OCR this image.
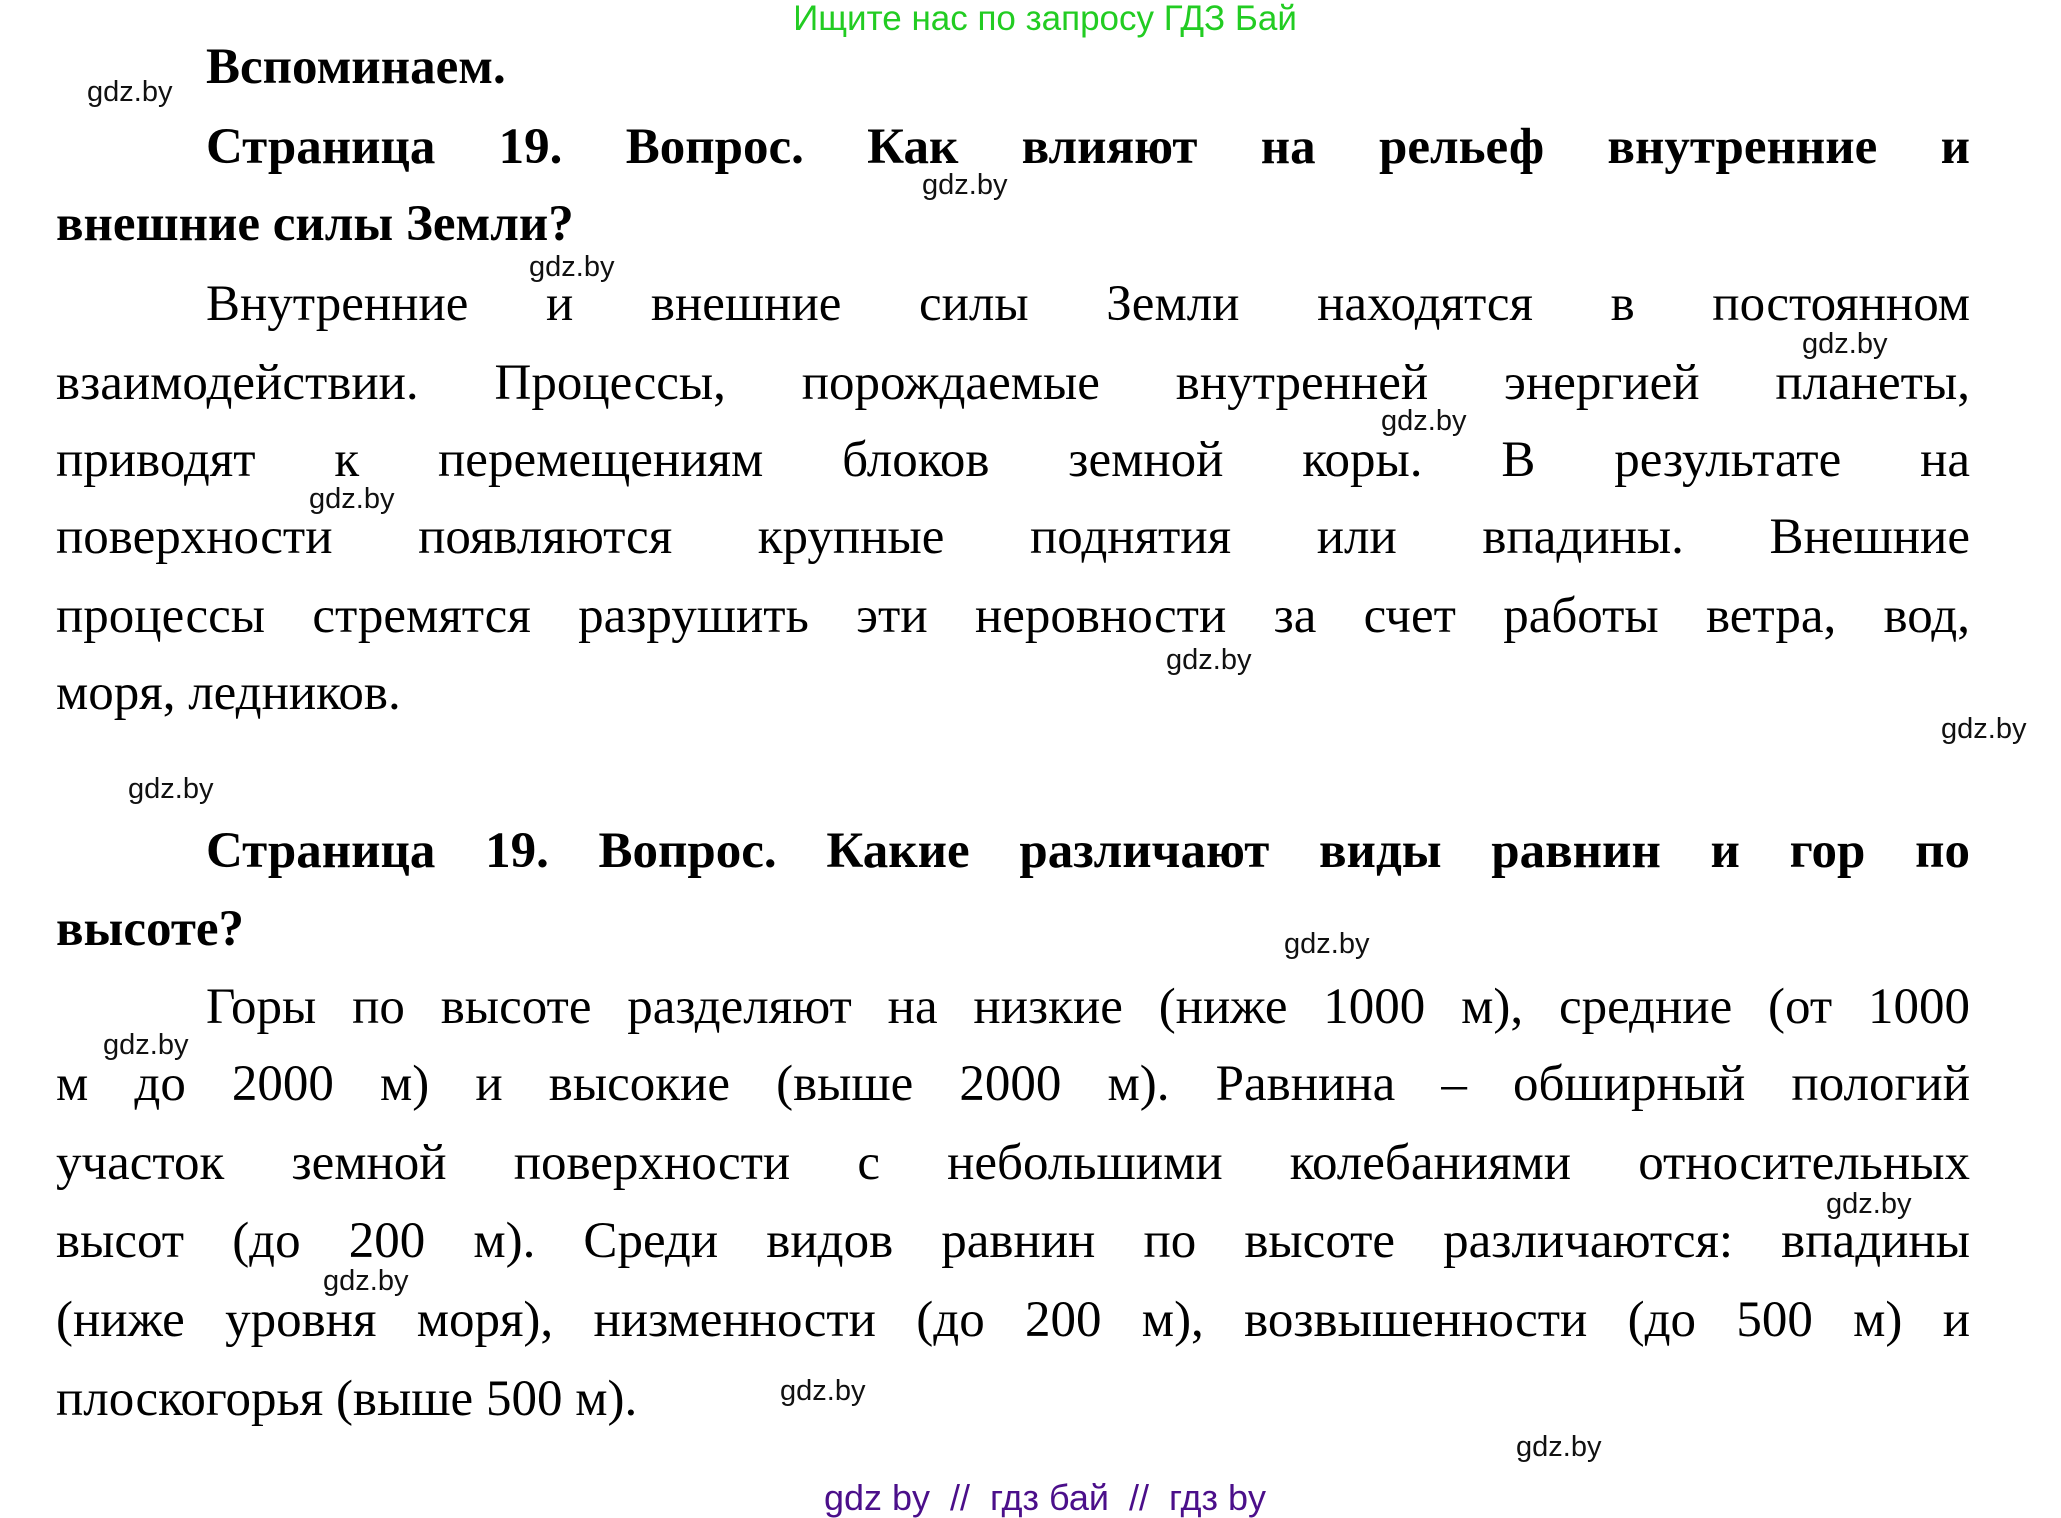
Ищите нас по запросу ГДЗ Бай
Вспоминаем.
Страница 19. Вопрос. Как влияют на рельеф внутренние и
внешние силы Земли?
Внутренние и внешние силы Земли находятся в постоянном
взаимодействии. Процессы, порождаемые внутренней энергией планеты,
приводят к перемещениям блоков земной коры. В результате на
поверхности появляются крупные поднятия или впадины. Внешние
процессы стремятся разрушить эти неровности за счет работы ветра, вод,
моря, ледников.
Страница 19. Вопрос. Какие различают виды равнин и гор по
высоте?
Горы по высоте разделяют на низкие (ниже 1000 м), средние (от 1000
м до 2000 м) и высокие (выше 2000 м). Равнина – обширный пологий
участок земной поверхности с небольшими колебаниями относительных
высот (до 200 м). Среди видов равнин по высоте различаются: впадины
(ниже уровня моря), низменности (до 200 м), возвышенности (до 500 м) и
плоскогорья (выше 500 м).
gdz.by
gdz.by
gdz.by
gdz.by
gdz.by
gdz.by
gdz.by
gdz.by
gdz.by
gdz.by
gdz.by
gdz.by
gdz.by
gdz.by
gdz.by
gdz by  //  гдз бай  //  гдз by
